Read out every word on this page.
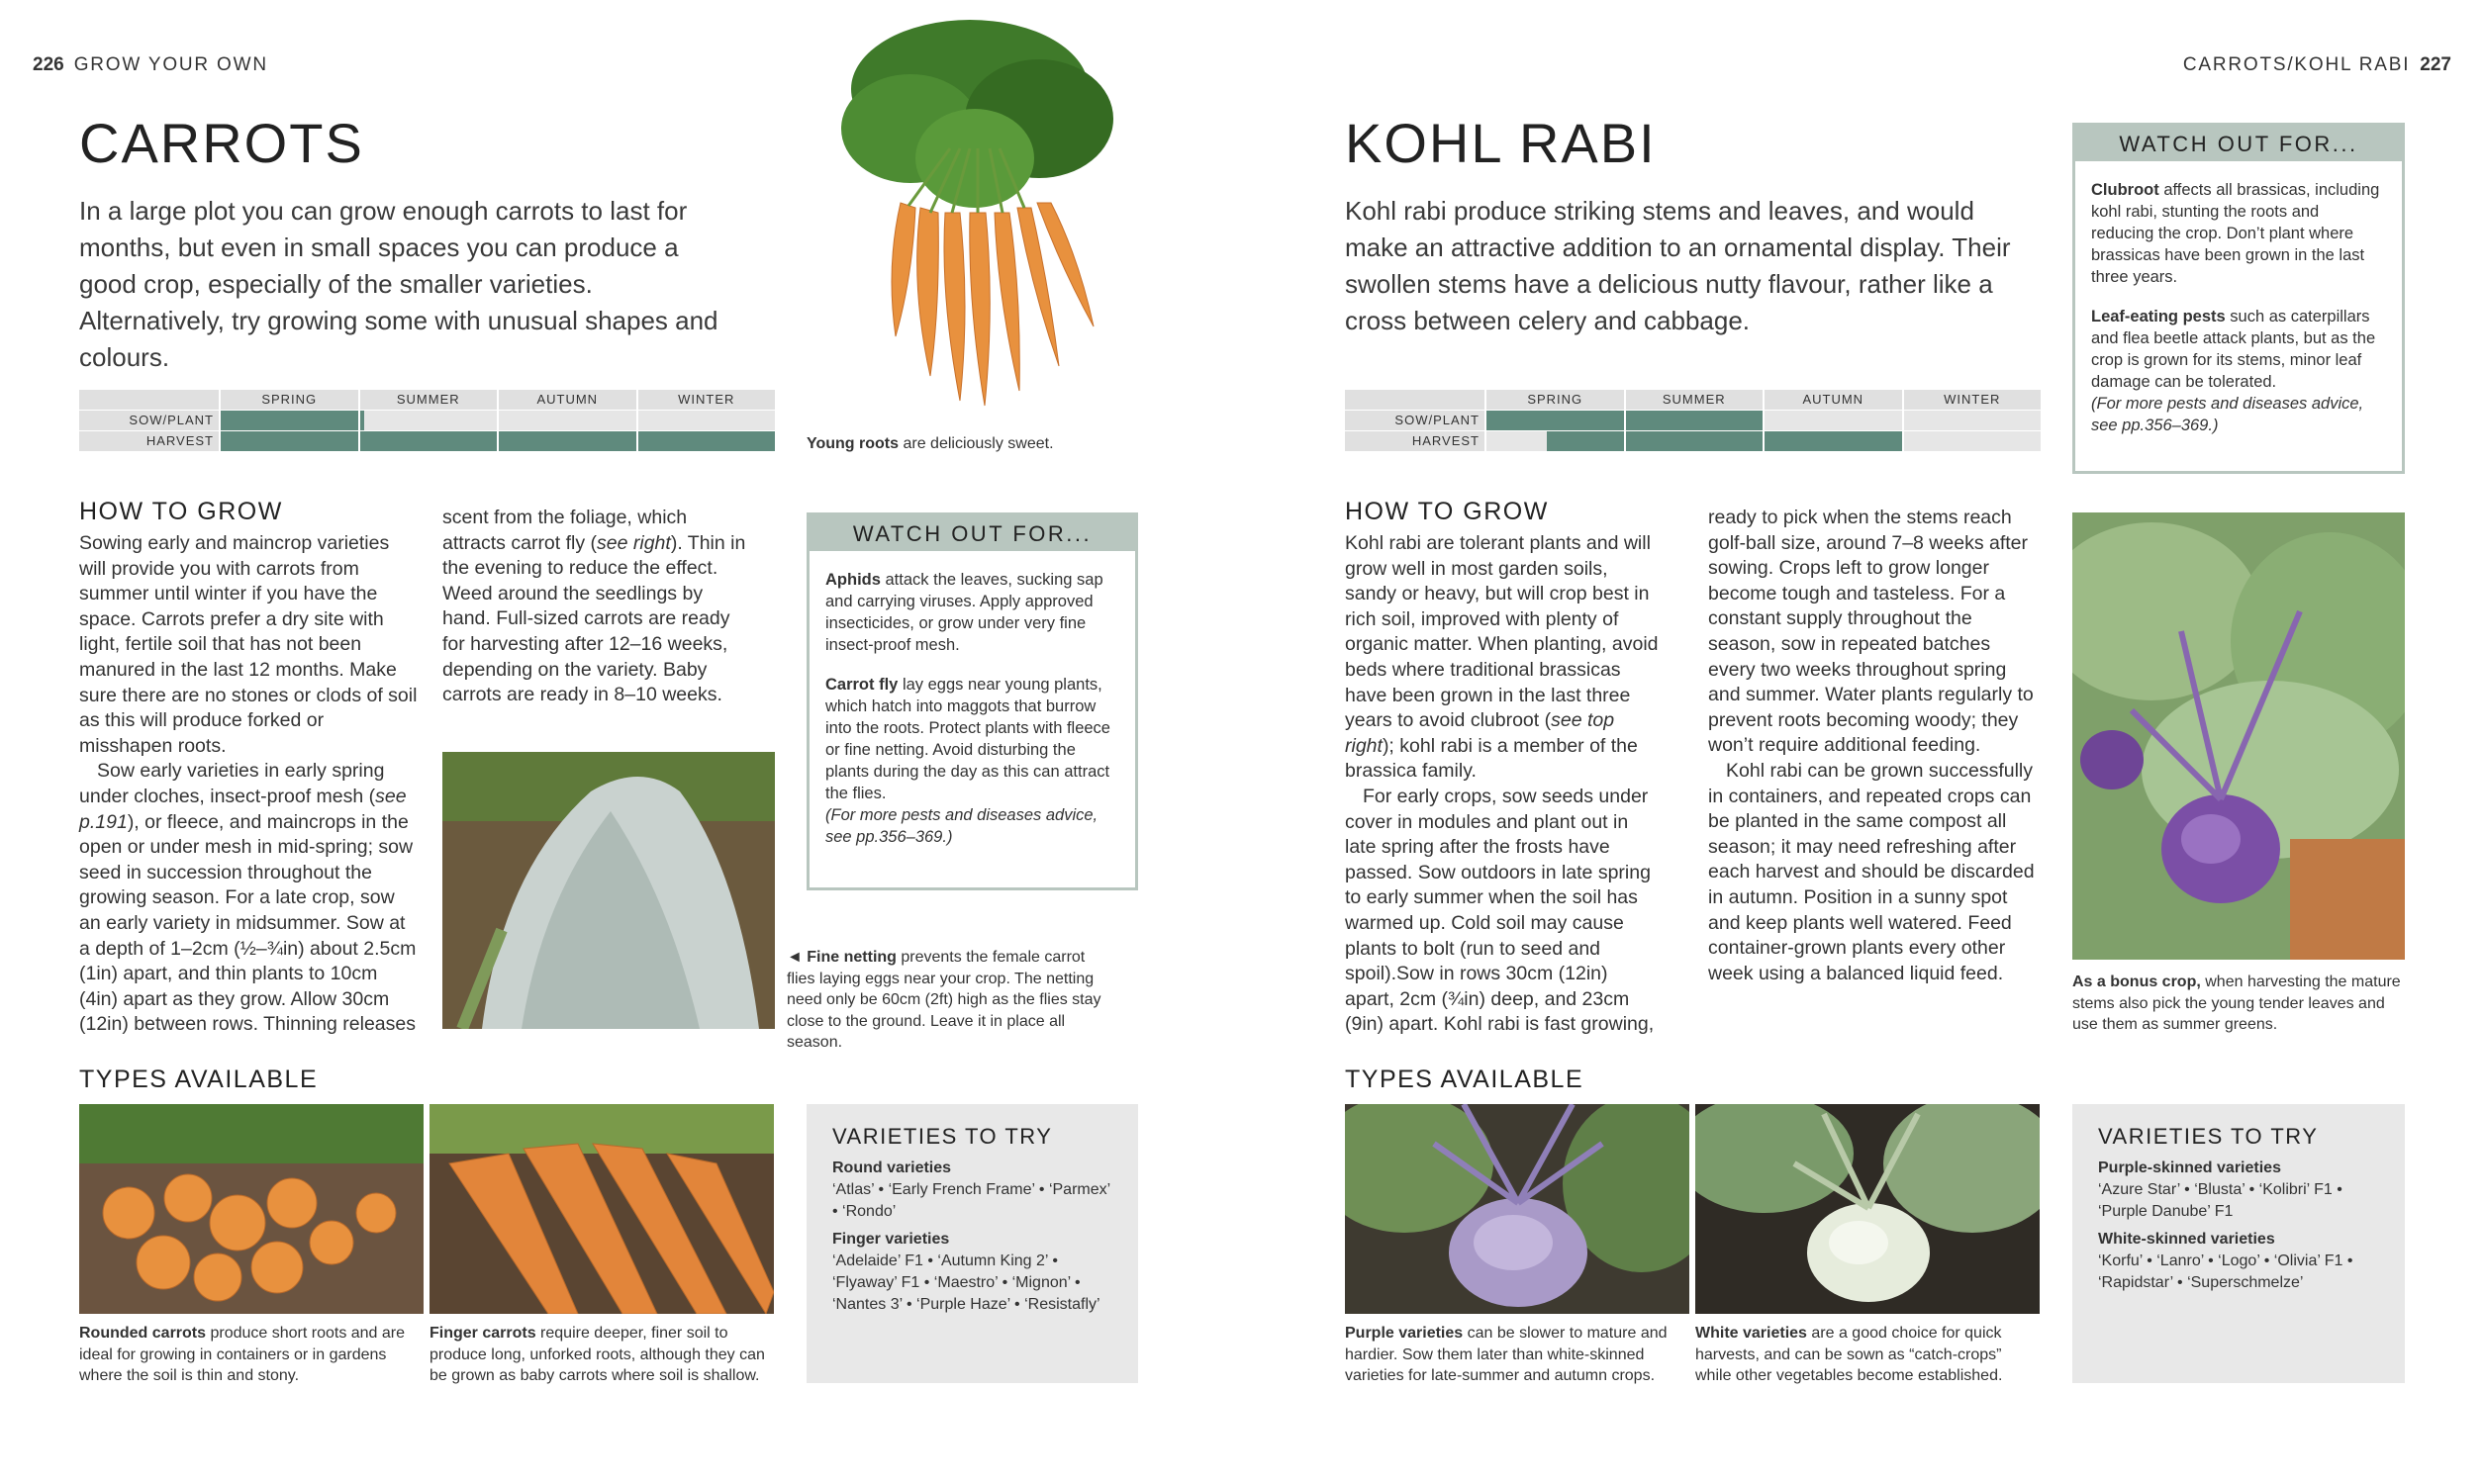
226 GROW YOUR OWN
CARROTS

In a large plot you can grow enough carrots to last for months, but even in small spaces you can produce a good crop, especially of the smaller varieties. Alternatively, try growing some with unusual shapes and colours.

SPRING	SUMMER	AUTUMN	WINTER
SOW/PLANT
HARVEST	Young roots are deliciously sweet.

HOW TO GROW

Sowing early and maincrop varieties will provide you with carrots from summer until winter if you have the space. Carrots prefer a dry site with light, fertile soil that has not been manured in the last 12 months. Make sure there are no stones or clods of soil as this will produce forked or misshapen roots.

Sow early varieties in early spring under cloches, insect-proof mesh (see p.191), or fleece, and maincrops in the open or under mesh in mid-spring; sow seed in succession throughout the growing season. For a late crop, sow an early variety in midsummer. Sow at a depth of 1–2cm (½–¾in) about 2.5cm (1in) apart, and thin plants to 10cm (4in) apart as they grow. Allow 30cm (12in) between rows. Thinning releases

scent from the foliage, which attracts carrot fly (see right). Thin in the evening to reduce the effect. Weed around the seedlings by hand. Full-sized carrots are ready for harvesting after 12–16 weeks, depending on the variety. Baby carrots are ready in 8–10 weeks.

◄ Fine netting prevents the female carrot flies laying eggs near your crop. The netting need only be 60cm (2ft) high as the flies stay close to the ground. Leave it in place all season.

WATCH OUT FOR...

Aphids attack the leaves, sucking sap and carrying viruses. Apply approved insecticides, or grow under very fine insect-proof mesh.

Carrot fly lay eggs near young plants, which hatch into maggots that burrow into the roots. Protect plants with fleece or fine netting. Avoid disturbing the plants during the day as this can attract the flies.

(For more pests and diseases advice, see pp.356–369.)

TYPES AVAILABLE

Rounded carrots produce short roots and are ideal for growing in containers or in gardens where the soil is thin and stony.

Finger carrots require deeper, finer soil to produce long, unforked roots, although they can be grown as baby carrots where soil is shallow.

VARIETIES TO TRY
Round varieties
‘Atlas’ • ‘Early French Frame’ • ‘Parmex’ • ‘Rondo’
Finger varieties
‘Adelaide’ F1 • ‘Autumn King 2’ • ‘Flyaway’ F1 • ‘Maestro’ • ‘Mignon’ • ‘Nantes 3’ • ‘Purple Haze’ • ‘Resistafly’
CARROTS/KOHL RABI 227
KOHL RABI

Kohl rabi produce striking stems and leaves, and would make an attractive addition to an ornamental display. Their swollen stems have a delicious nutty flavour, rather like a cross between celery and cabbage.

SPRING	SUMMER	AUTUMN	WINTER
SOW/PLANT
HARVEST
WATCH OUT FOR...

Clubroot affects all brassicas, including kohl rabi, stunting the roots and reducing the crop. Don’t plant where brassicas have been grown in the last three years.

Leaf-eating pests such as caterpillars and flea beetle attack plants, but as the crop is grown for its stems, minor leaf damage can be tolerated.

(For more pests and diseases advice, see pp.356–369.)

HOW TO GROW

Kohl rabi are tolerant plants and will grow well in most garden soils, sandy or heavy, but will crop best in rich soil, improved with plenty of organic matter. When planting, avoid beds where traditional brassicas have been grown in the last three years to avoid clubroot (see top right); kohl rabi is a member of the brassica family.

For early crops, sow seeds under cover in modules and plant out in late spring after the frosts have passed. Sow outdoors in late spring to early summer when the soil has warmed up. Cold soil may cause plants to bolt (run to seed and spoil).Sow in rows 30cm (12in) apart, 2cm (¾in) deep, and 23cm (9in) apart. Kohl rabi is fast growing,

ready to pick when the stems reach golf-ball size, around 7–8 weeks after sowing. Crops left to grow longer become tough and tasteless. For a constant supply throughout the season, sow in repeated batches every two weeks throughout spring and summer. Water plants regularly to prevent roots becoming woody; they won’t require additional feeding.

Kohl rabi can be grown successfully in containers, and repeated crops can be planted in the same compost all season; it may need refreshing after each harvest and should be discarded in autumn. Position in a sunny spot and keep plants well watered. Feed container-grown plants every other week using a balanced liquid feed.	As a bonus crop, when harvesting the mature stems also pick the young tender leaves and use them as summer greens.

TYPES AVAILABLE

Purple varieties can be slower to mature and hardier. Sow them later than white-skinned varieties for late-summer and autumn crops.

White varieties are a good choice for quick harvests, and can be sown as “catch-crops” while other vegetables become established.

VARIETIES TO TRY
Purple-skinned varieties
‘Azure Star’ • ‘Blusta’ • ‘Kolibri’ F1 • ‘Purple Danube’ F1
White-skinned varieties
‘Korfu’ • ‘Lanro’ • ‘Logo’ • ‘Olivia’ F1 • ‘Rapidstar’ • ‘Superschmelze’
